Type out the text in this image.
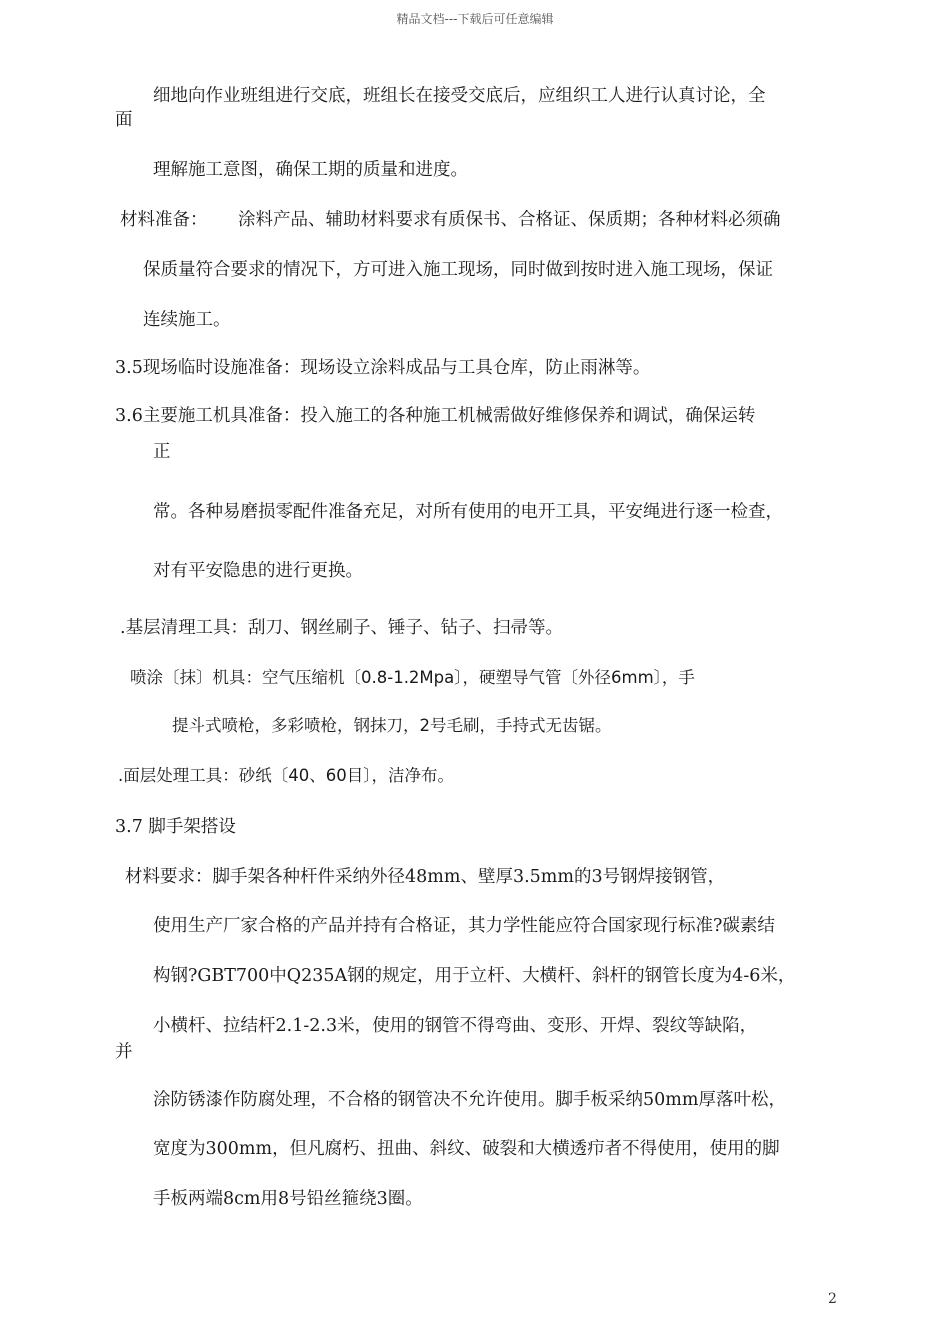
精品文档---下载后可任意编辑
细地向作业班组进行交底，班组长在接受交底后，应组织工人进行认真讨论，全
面
理解施工意图，确保工期的质量和进度。
材料准备： 涂料产品、辅助材料要求有质保书、合格证、保质期；各种材料必须确
保质量符合要求的情况下，方可进入施工现场，同时做到按时进入施工现场，保证
连续施工。
3.5现场临时设施准备：现场设立涂料成品与工具仓库，防止雨淋等。
3.6主要施工机具准备：投入施工的各种施工机械需做好维修保养和调试，确保运转
正
常。各种易磨损零配件准备充足，对所有使用的电开工具，平安绳进行逐一检查，
对有平安隐患的进行更换。
.基层清理工具：刮刀、钢丝刷子、锤子、钻子、扫帚等。
喷涂〔抹〕机具：空气压缩机〔0.8-1.2Mpa〕，硬塑导气管〔外径6mm〕，手
提斗式喷枪，多彩喷枪，钢抹刀，2号毛刷，手持式无齿锯。
.面层处理工具：砂纸〔40、60目〕，洁净布。
3.7 脚手架搭设
材料要求：脚手架各种杆件采纳外径48mm、壁厚3.5mm的3号钢焊接钢管，
使用生产厂家合格的产品并持有合格证，其力学性能应符合国家现行标准?碳素结
构钢?GBT700中Q235A钢的规定，用于立杆、大横杆、斜杆的钢管长度为4-6米，
小横杆、拉结杆2.1-2.3米，使用的钢管不得弯曲、变形、开焊、裂纹等缺陷，
并
涂防锈漆作防腐处理，不合格的钢管决不允许使用。脚手板采纳50mm厚落叶松，
宽度为300mm，但凡腐朽、扭曲、斜纹、破裂和大横透疖者不得使用，使用的脚
手板两端8cm用8号铅丝箍绕3圈。
2
